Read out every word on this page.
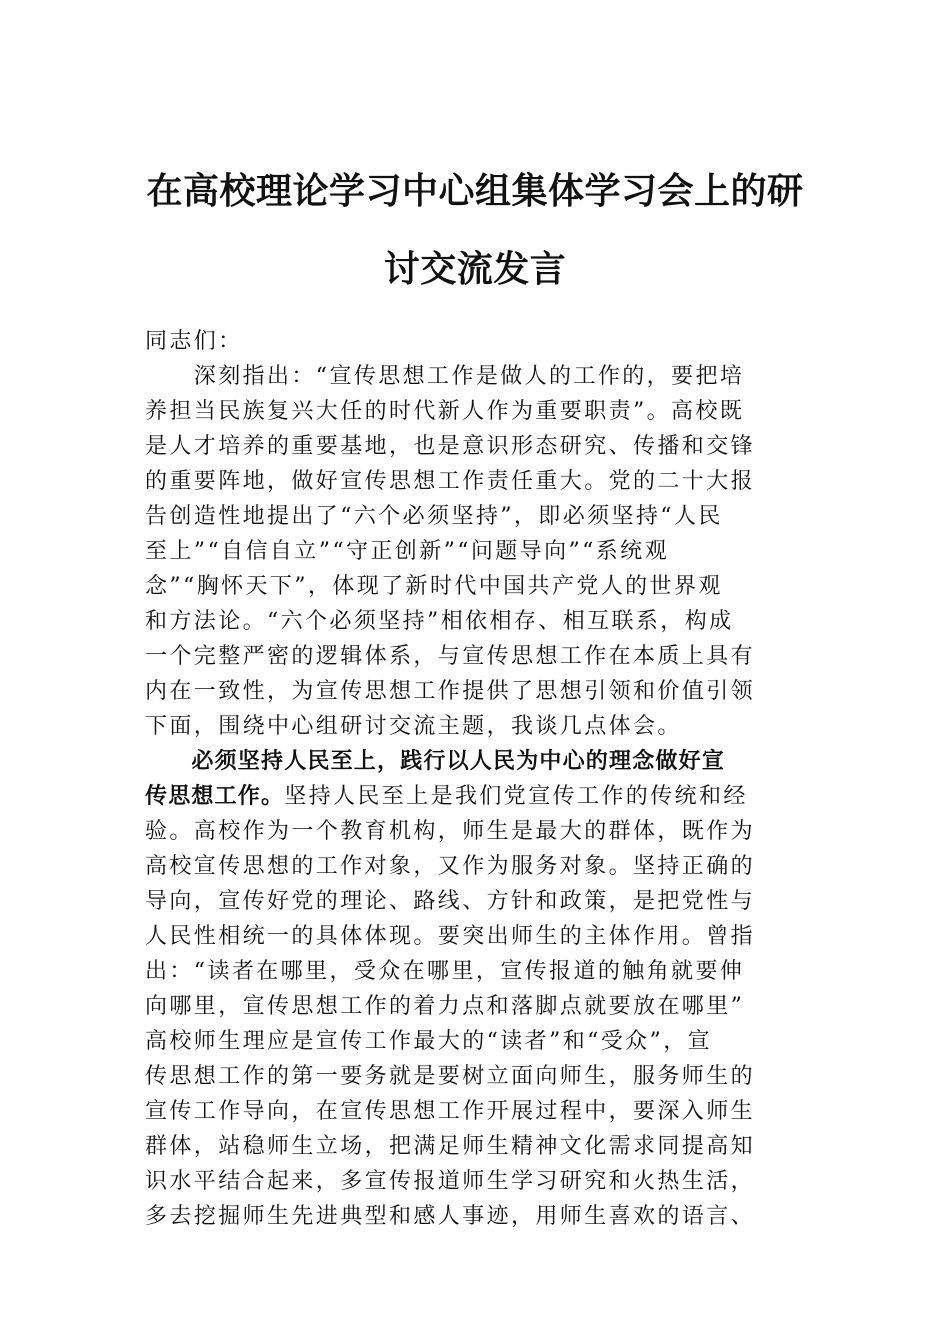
在高校理论学习中心组集体学习会上的研
讨交流发言
同志们：
　　深刻指出：“宣传思想工作是做人的工作的，要把培
养担当民族复兴大任的时代新人作为重要职责”。高校既
是人才培养的重要基地，也是意识形态研究、传播和交锋
的重要阵地，做好宣传思想工作责任重大。党的二十大报
告创造性地提出了“六个必须坚持”，即必须坚持“人民
至上”“自信自立”“守正创新”“问题导向”“系统观
念”“胸怀天下”，体现了新时代中国共产党人的世界观
和方法论。“六个必须坚持”相依相存、相互联系，构成
一个完整严密的逻辑体系，与宣传思想工作在本质上具有
内在一致性，为宣传思想工作提供了思想引领和价值引领
下面，围绕中心组研讨交流主题，我谈几点体会。
　　必须坚持人民至上，践行以人民为中心的理念做好宣
传思想工作。坚持人民至上是我们党宣传工作的传统和经
验。高校作为一个教育机构，师生是最大的群体，既作为
高校宣传思想的工作对象，又作为服务对象。坚持正确的
导向，宣传好党的理论、路线、方针和政策，是把党性与
人民性相统一的具体体现。要突出师生的主体作用。曾指
出：“读者在哪里，受众在哪里，宣传报道的触角就要伸
向哪里，宣传思想工作的着力点和落脚点就要放在哪里”
高校师生理应是宣传工作最大的“读者”和“受众”，宣
传思想工作的第一要务就是要树立面向师生，服务师生的
宣传工作导向，在宣传思想工作开展过程中，要深入师生
群体，站稳师生立场，把满足师生精神文化需求同提高知
识水平结合起来，多宣传报道师生学习研究和火热生活，
多去挖掘师生先进典型和感人事迹，用师生喜欢的语言、
